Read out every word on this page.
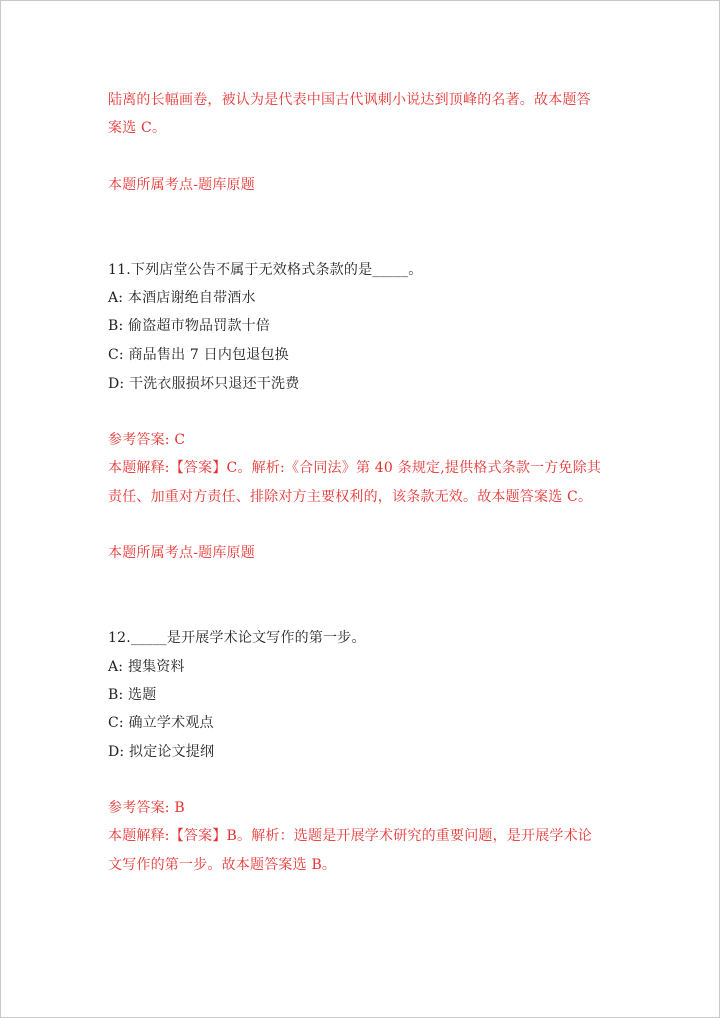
陆离的长幅画卷，被认为是代表中国古代讽刺小说达到顶峰的名著。故本题答
案选 C。
本题所属考点-题库原题
11.下列店堂公告不属于无效格式条款的是_____。
A: 本酒店谢绝自带酒水
B: 偷盗超市物品罚款十倍
C: 商品售出 7 日内包退包换
D: 干洗衣服损坏只退还干洗费
参考答案: C
本题解释:【答案】C。解析:《合同法》第 40 条规定,提供格式条款一方免除其
责任、加重对方责任、排除对方主要权利的，该条款无效。故本题答案选 C。
本题所属考点-题库原题
12._____是开展学术论文写作的第一步。
A: 搜集资料
B: 选题
C: 确立学术观点
D: 拟定论文提纲
参考答案: B
本题解释:【答案】B。解析：选题是开展学术研究的重要问题，是开展学术论
文写作的第一步。故本题答案选 B。
